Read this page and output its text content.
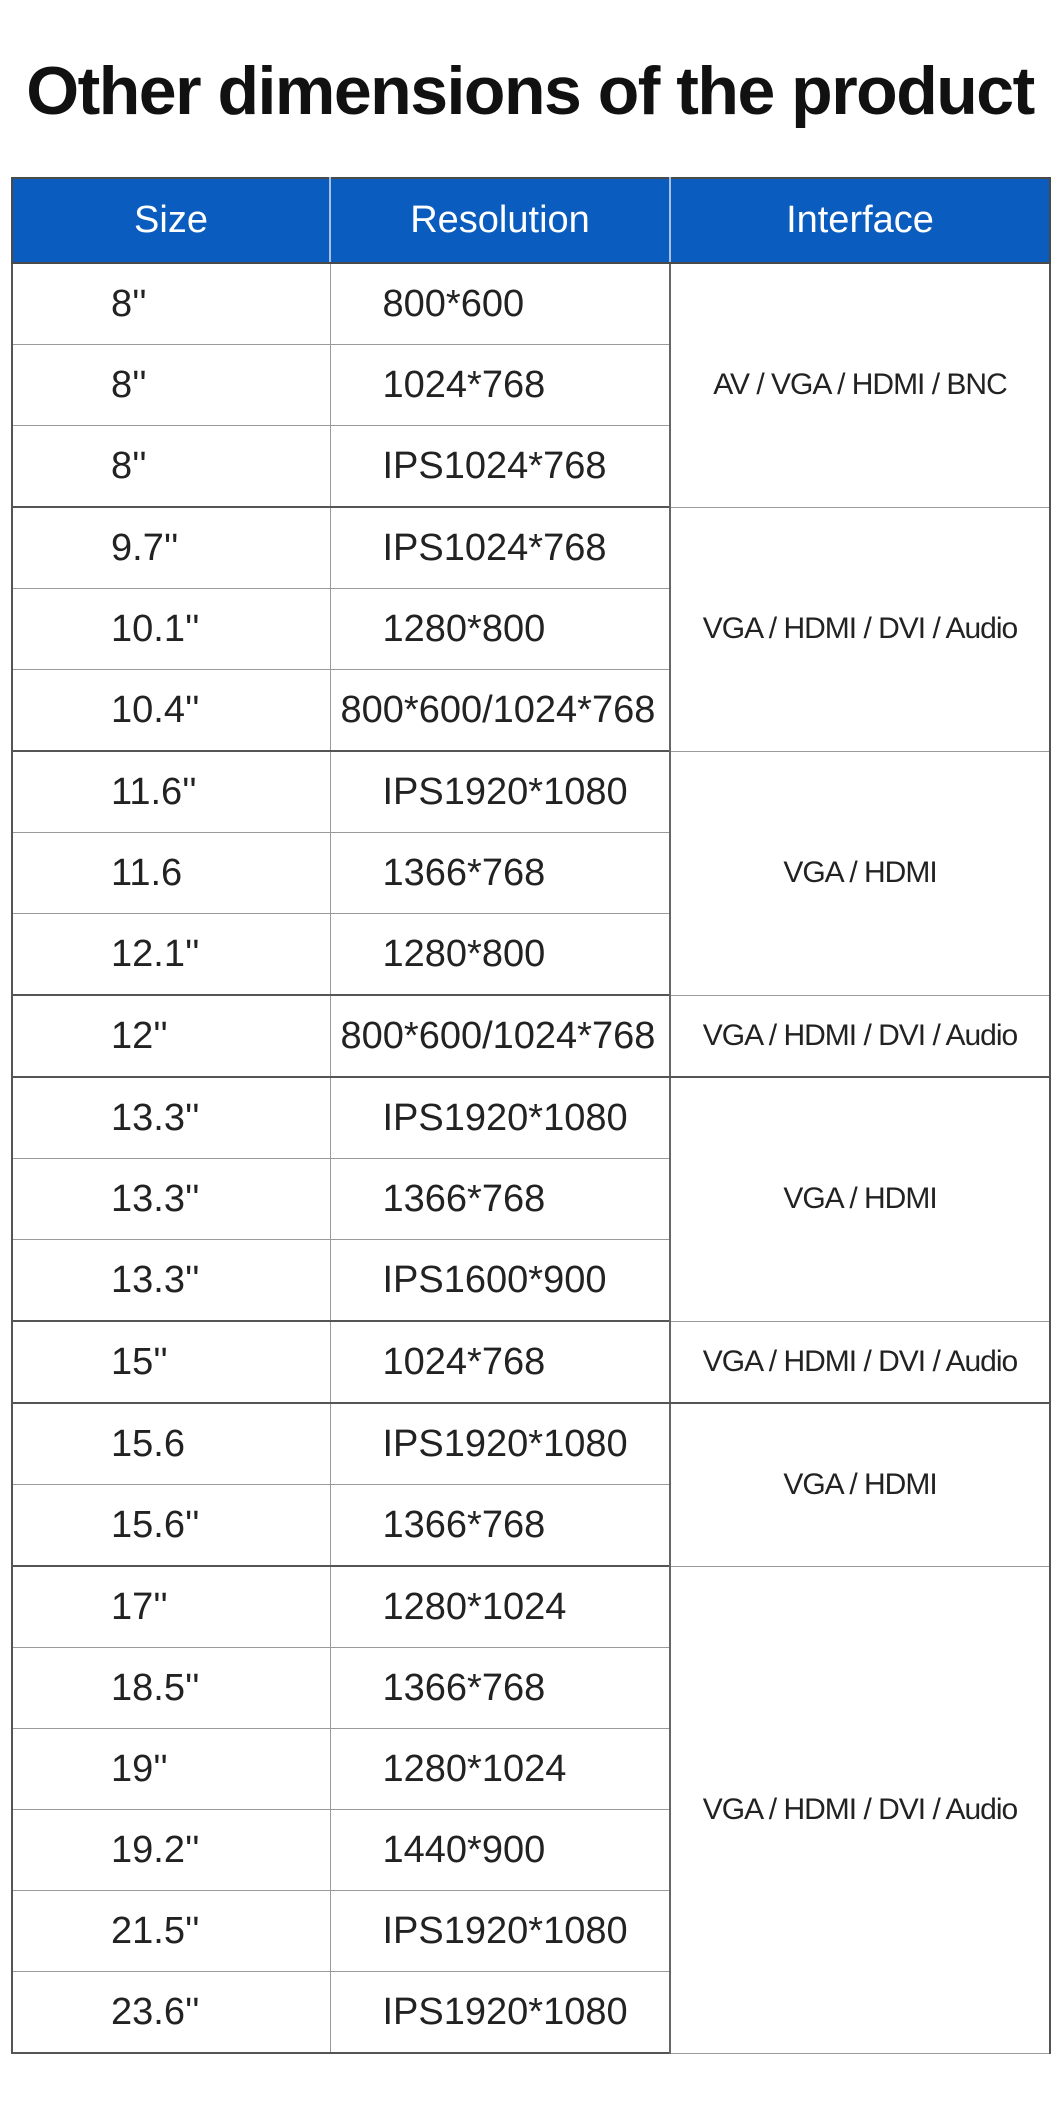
Other dimensions of the product
Size	Resolution	Interface
8''	800*600	AV / VGA / HDMI / BNC
8''	1024*768	
8''	IPS1024*768	
9.7''	IPS1024*768	VGA / HDMI / DVI / Audio
10.1''	1280*800	
10.4''	800*600/1024*768	
11.6''	IPS1920*1080	VGA / HDMI
11.6	1366*768	
12.1''	1280*800	
12''	800*600/1024*768	VGA / HDMI / DVI / Audio
13.3''	IPS1920*1080	VGA / HDMI
13.3''	1366*768	
13.3''	IPS1600*900	
15''	1024*768	VGA / HDMI / DVI / Audio
15.6	IPS1920*1080	VGA / HDMI
15.6''	1366*768	
17''	1280*1024	VGA / HDMI / DVI / Audio
18.5''	1366*768	
19''	1280*1024	
19.2''	1440*900	
21.5''	IPS1920*1080	
23.6''	IPS1920*1080	
